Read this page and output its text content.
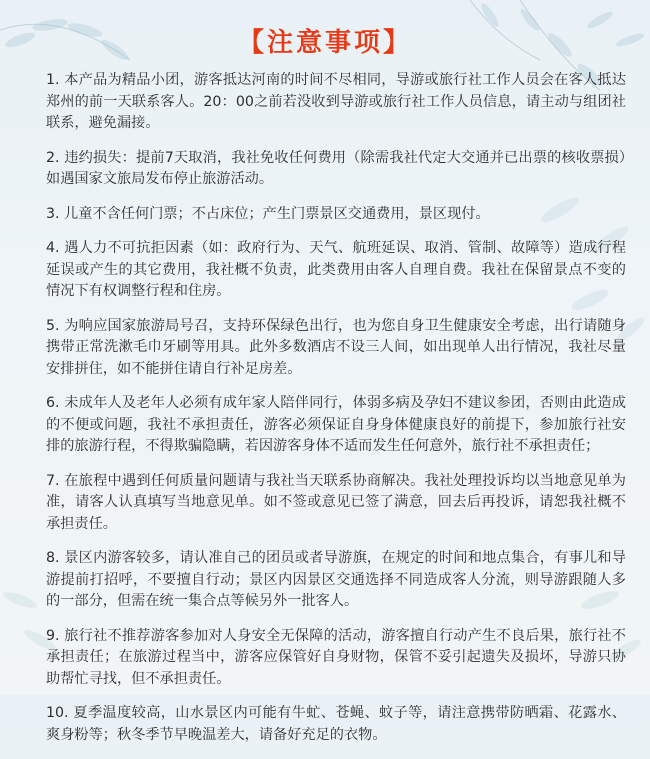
【注意事项】
1. 本产品为精品小团，游客抵达河南的时间不尽相同，导游或旅行社工作人员会在客人抵达郑州的前一天联系客人。20：00之前若没收到导游或旅行社工作人员信息，请主动与组团社联系，避免漏接。
2. 违约损失：提前7天取消，我社免收任何费用（除需我社代定大交通并已出票的核收票损）如遇国家文旅局发布停止旅游活动。
3. 儿童不含任何门票；不占床位；产生门票景区交通费用，景区现付。
4. 遇人力不可抗拒因素（如：政府行为、天气、航班延误、取消、管制、故障等）造成行程延误或产生的其它费用，我社概不负责，此类费用由客人自理自费。我社在保留景点不变的情况下有权调整行程和住房。
5. 为响应国家旅游局号召，支持环保绿色出行，也为您自身卫生健康安全考虑，出行请随身携带正常洗漱毛巾牙刷等用具。此外多数酒店不设三人间，如出现单人出行情况，我社尽量安排拼住，如不能拼住请自行补足房差。
6. 未成年人及老年人必须有成年家人陪伴同行，体弱多病及孕妇不建议参团，否则由此造成的不便或问题，我社不承担责任，游客必须保证自身身体健康良好的前提下，参加旅行社安排的旅游行程，不得欺骗隐瞒，若因游客身体不适而发生任何意外，旅行社不承担责任；
7. 在旅程中遇到任何质量问题请与我社当天联系协商解决。我社处理投诉均以当地意见单为准，请客人认真填写当地意见单。如不签或意见已签了满意，回去后再投诉，请恕我社概不承担责任。
8. 景区内游客较多，请认准自己的团员或者导游旗，在规定的时间和地点集合，有事儿和导游提前打招呼，不要擅自行动；景区内因景区交通选择不同造成客人分流，则导游跟随人多的一部分，但需在统一集合点等候另外一批客人。
9. 旅行社不推荐游客参加对人身安全无保障的活动，游客擅自行动产生不良后果，旅行社不承担责任；在旅游过程当中，游客应保管好自身财物，保管不妥引起遗失及损坏，导游只协助帮忙寻找，但不承担责任。
10. 夏季温度较高，山水景区内可能有牛虻、苍蝇、蚊子等，请注意携带防晒霜、花露水、爽身粉等；秋冬季节早晚温差大，请备好充足的衣物。
